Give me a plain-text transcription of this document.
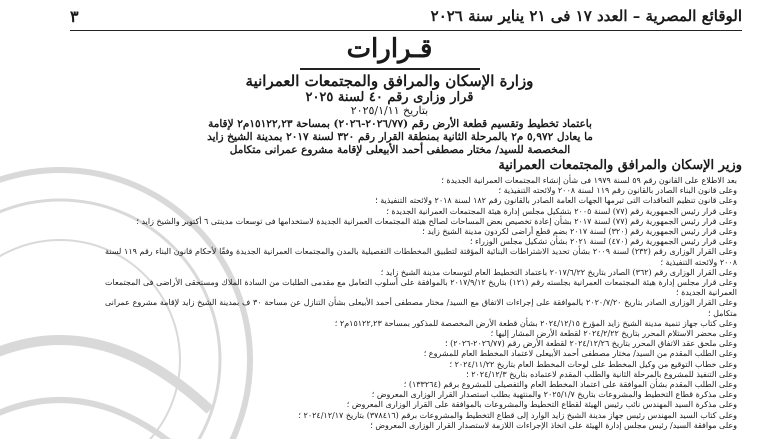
الوقائع المصرية – العدد ١٧ فى ٢١ يناير سنة ٢٠٢٦
٣
قـرارات
وزارة الإسكان والمرافق والمجتمعات العمرانية
قرار وزارى رقم ٤٠ لسنة ٢٠٢٥
بتاريخ ٢٠٢٥/١/١١
باعتماد تخطيط وتقسيم قطعة الأرض رقم (٢٠٢٦/٧٧-٢٠٢٦) بمساحة ١٥١٢٢,٢٣م٢ لإقامة
ما يعادل ٥,٩٧٢ م٢ بالمرحلة الثانية بمنطقة القرار رقم ٣٢٠ لسنة ٢٠١٧ بمدينة الشيخ زايد
المخصصة للسيد/ مختار مصطفى أحمد الأبيعلى لإقامة مشروع عمرانى متكامل
وزير الإسكان والمرافق والمجتمعات العمرانية

بعد الاطلاع على القانون رقم ٥٩ لسنة ١٩٧٩ فى شأن إنشاء المجتمعات العمرانية الجديدة ؛

وعلى قانون البناء الصادر بالقانون رقم ١١٩ لسنة ٢٠٠٨ ولائحته التنفيذية ؛

وعلى قانون تنظيم التعاقدات التى تبرمها الجهات العامة الصادر بالقانون رقم ١٨٢ لسنة ٢٠١٨ ولائحته التنفيذية ؛

وعلى قرار رئيس الجمهورية رقم (٧٧) لسنة ٢٠٠٥ بتشكيل مجلس إدارة هيئة المجتمعات العمرانية الجديدة ؛

وعلى قرار رئيس الجمهورية رقم (٧٧) لسنة ٢٠١٧ بشأن إعادة تخصيص بعض المساحات لصالح هيئة المجتمعات العمرانية الجديدة لاستخدامها فى توسعات مدينتى ٦ أكتوبر والشيخ زايد ؛

وعلى قرار رئيس الجمهورية رقم (٣٢٠) لسنة ٢٠١٧ بضم قطع أراضى لكردون مدينة الشيخ زايد ؛

وعلى قرار رئيس الجمهورية رقم (٤٧٠) لسنة ٢٠٢١ بشأن تشكيل مجلس الوزراء ؛

وعلى القرار الوزارى رقم (٢٣٢) لسنة ٢٠٠٩ بشأن تحديد الاشتراطات البنائية المؤقتة لتطبيق المخططات التفصيلية بالمدن والمجتمعات العمرانية الجديدة وفقًا لأحكام قانون البناء رقم ١١٩ لسنة ٢٠٠٨ ولائحته التنفيذية ؛

وعلى القرار الوزارى رقم (٣٦٢) الصادر بتاريخ ٢٠١٧/٦/٢٢ باعتماد التخطيط العام لتوسعات مدينة الشيخ زايد ؛

وعلى قرار مجلس إدارة هيئة المجتمعات العمرانية بجلسته رقم (١٢١) بتاريخ ٢٠١٧/٩/١٢ بالموافقة على أسلوب التعامل مع مقدمى الطلبات من السادة الملاك ومستحقى الأراضى فى المجتمعات العمرانية الجديدة ؛

وعلى القرار الوزارى الصادر بتاريخ ٢٠٢٠/٧/٢٠ بالموافقة على إجراءات الاتفاق مع السيد/ مختار مصطفى أحمد الأبيعلى بشأن التنازل عن مساحة ٣٠ ف بمدينة الشيخ زايد لإقامة مشروع عمرانى متكامل ؛

وعلى كتاب جهاز تنمية مدينة الشيخ زايد المؤرخ ٢٠٢٤/١٢/١٥ بشأن قطعة الأرض المخصصة للمذكور بمساحة ١٥١٢٢,٢٣م٢ ؛

وعلى محضر الاستلام المحرر بتاريخ ٢٠٢٤/٢/٢٢ لقطعة الأرض المشار إليها ؛

وعلى ملحق عقد الاتفاق المحرر بتاريخ ٢٠٢٤/١٢/٢٦ لقطعة الأرض رقم (٢٠٢٦/٧٧-٢٠٢٦) ؛

وعلى الطلب المقدم من السيد/ مختار مصطفى أحمد الأبيعلى لاعتماد المخطط العام للمشروع ؛

وعلى خطاب التوقيع من وكيل المخطط على لوحات المخطط العام بتاريخ ٢٠٢٤/١١/٢٢ ؛

وعلى التنفيذ للمشروع بالمرحلة الثانية والطلب المقدم لاعتماده بتاريخ ٢٠٢٤/١٢/٣ ؛

وعلى الطلب المقدم بشأن الموافقة على اعتماد المخطط العام والتفصيلى للمشروع برقم (١٣٣٢٦٤) ؛

وعلى مذكرة قطاع التخطيط والمشروعات بتاريخ ٢٠٢٥/١/٧ والمنتهية بطلب استصدار القرار الوزارى المعروض ؛

وعلى مذكرة السيد المهندس نائب رئيس الهيئة لقطاع التخطيط والمشروعات بالموافقة على القرار الوزارى المعروض ؛

وعلى كتاب السيد المهندس رئيس جهاز مدينة الشيخ زايد الوارد إلى قطاع التخطيط والمشروعات برقم (٣٧٨٤١٦) بتاريخ ٢٠٢٤/١٢/١٧ ؛

وعلى موافقة السيد/ رئيس مجلس إدارة الهيئة على اتخاذ الإجراءات اللازمة لاستصدار القرار الوزارى المعروض ؛
